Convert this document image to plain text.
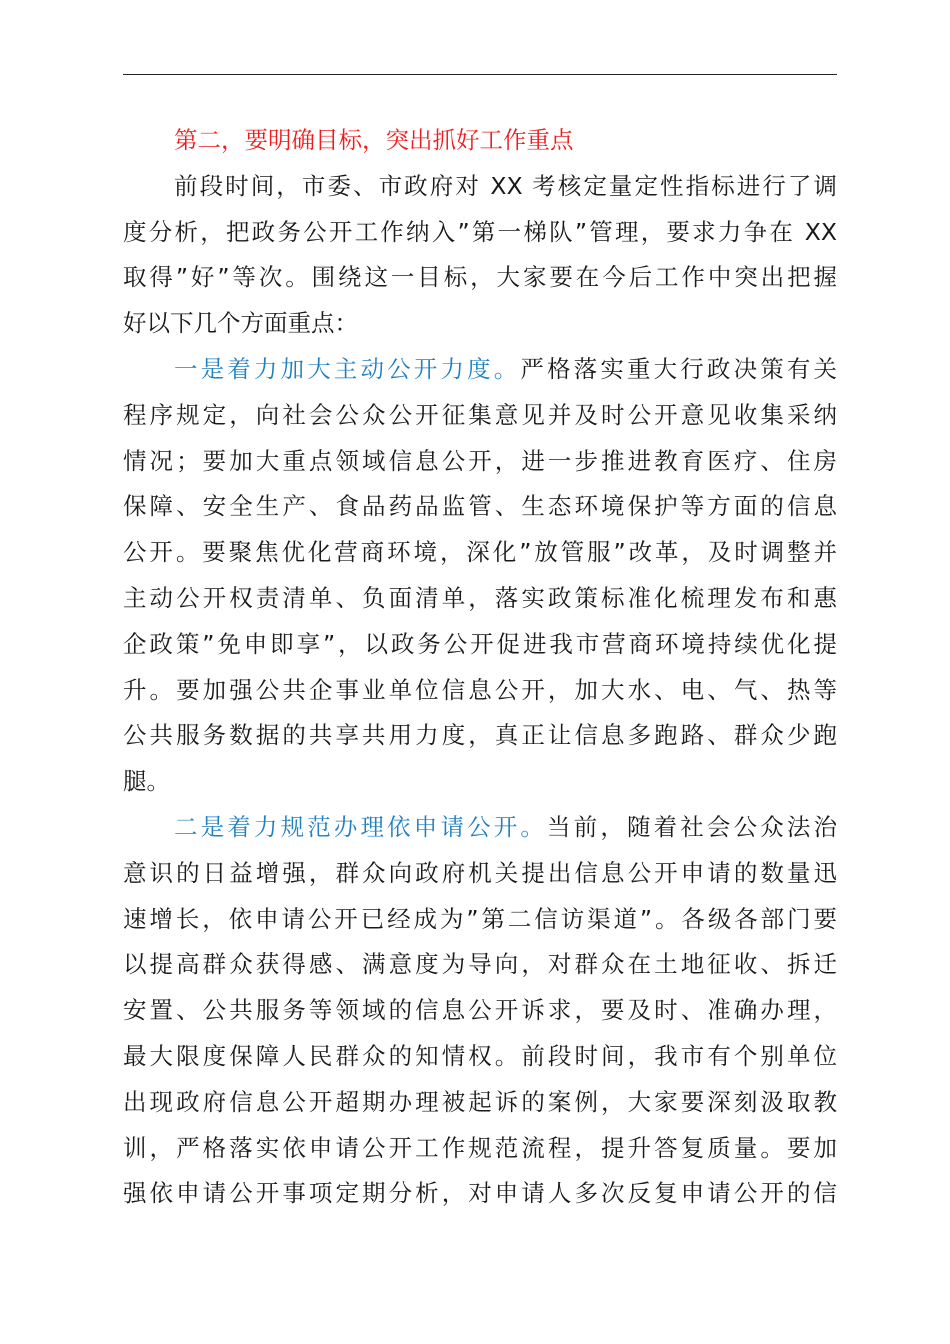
第二，要明确目标，突出抓好工作重点
前段时间，市委、市政府对 XX 考核定量定性指标进行了调
度分析，把政务公开工作纳入”第一梯队”管理，要求力争在 XX
取得”好”等次。围绕这一目标，大家要在今后工作中突出把握
好以下几个方面重点：
一是着力加大主动公开力度。严格落实重大行政决策有关
程序规定，向社会公众公开征集意见并及时公开意见收集采纳
情况；要加大重点领域信息公开，进一步推进教育医疗、住房
保障、安全生产、食品药品监管、生态环境保护等方面的信息
公开。要聚焦优化营商环境，深化”放管服”改革，及时调整并
主动公开权责清单、负面清单，落实政策标准化梳理发布和惠
企政策”免申即享”，以政务公开促进我市营商环境持续优化提
升。要加强公共企事业单位信息公开，加大水、电、气、热等
公共服务数据的共享共用力度，真正让信息多跑路、群众少跑
腿。
二是着力规范办理依申请公开。当前，随着社会公众法治
意识的日益增强，群众向政府机关提出信息公开申请的数量迅
速增长，依申请公开已经成为”第二信访渠道”。各级各部门要
以提高群众获得感、满意度为导向，对群众在土地征收、拆迁
安置、公共服务等领域的信息公开诉求，要及时、准确办理，
最大限度保障人民群众的知情权。前段时间，我市有个别单位
出现政府信息公开超期办理被起诉的案例，大家要深刻汲取教
训，严格落实依申请公开工作规范流程，提升答复质量。要加
强依申请公开事项定期分析，对申请人多次反复申请公开的信
